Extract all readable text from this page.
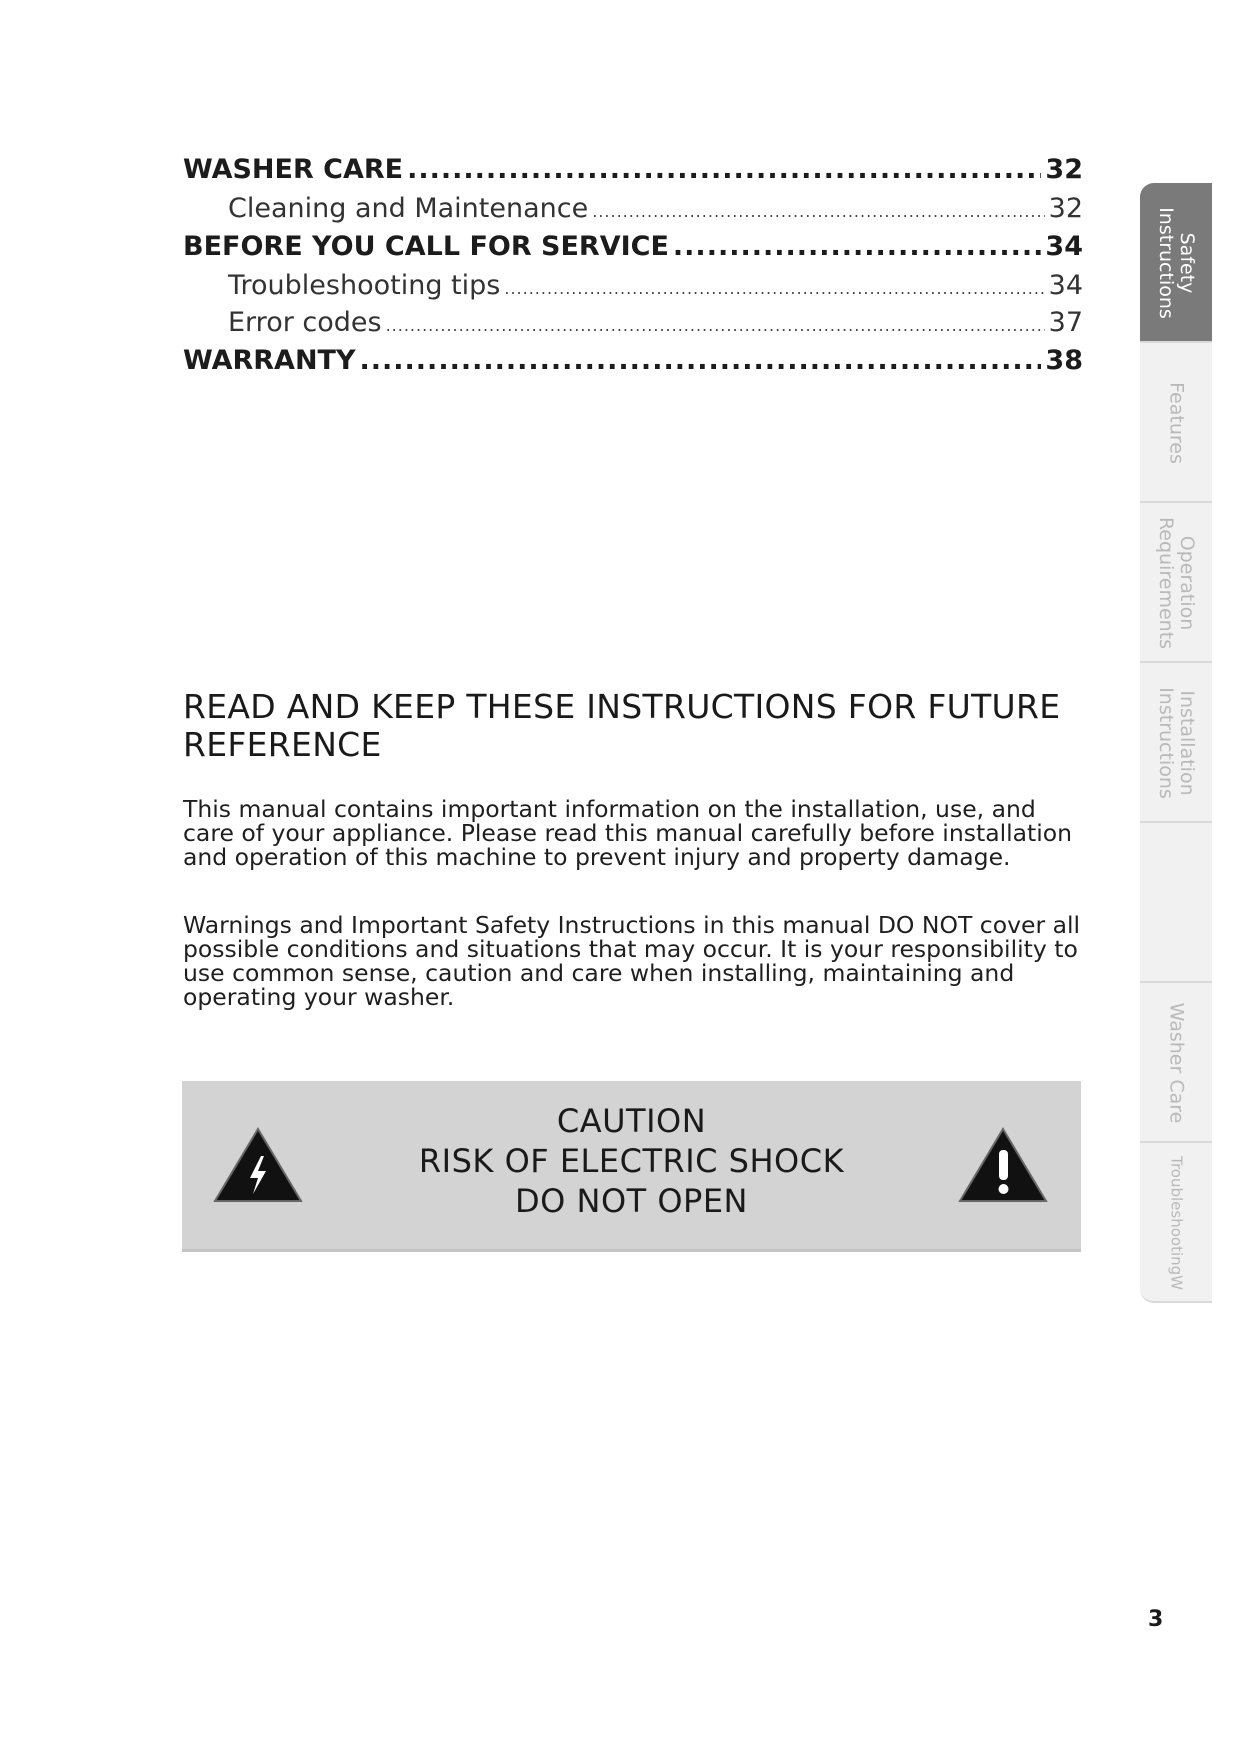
WASHER CARE .....	32
Cleaning and Maintenance .....	32
BEFORE YOU CALL FOR SERVICE .....	34
Troubleshooting tips .....	34
Error codes .....	37
WARRANTY .....	38
READ AND KEEP THESE INSTRUCTIONS FOR FUTURE REFERENCE

This manual contains important information on the installation, use, and care of your appliance. Please read this manual carefully before installation and operation of this machine to prevent injury and property damage.

Warnings and Important Safety Instructions in this manual DO NOT cover all possible conditions and situations that may occur. It is your responsibility to use common sense, caution and care when installing, maintaining and operating your washer.

CAUTION
RISK OF ELECTRIC SHOCK
DO NOT OPEN
Safety
Instructions
Features
Operation
Requirements
Installation
Instructions
Washer Care
TroubleshootingW
3
